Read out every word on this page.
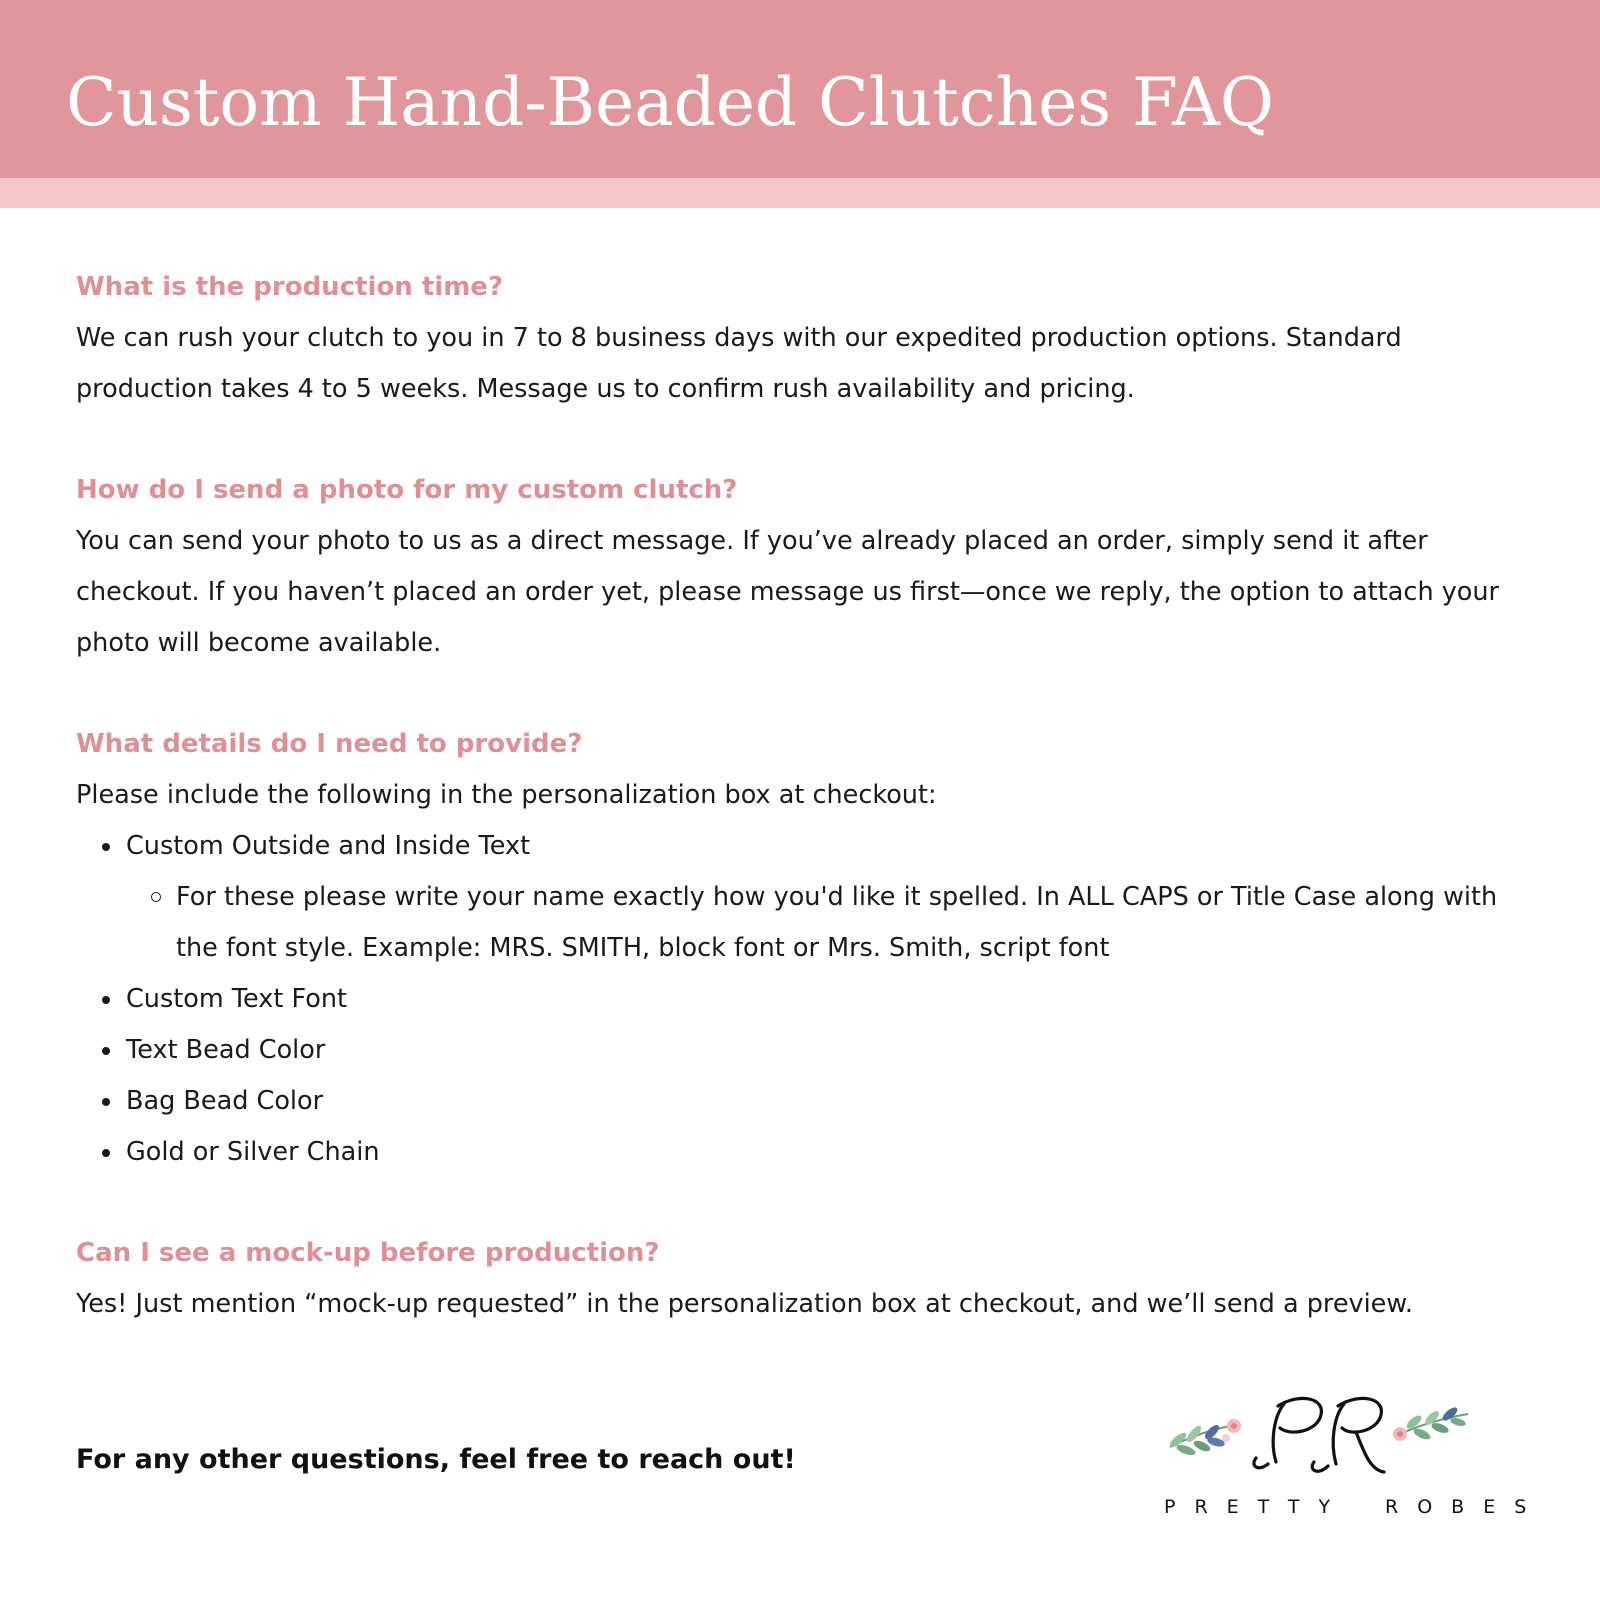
Custom Hand-Beaded Clutches FAQ
What is the production time?

We can rush your clutch to you in 7 to 8 business days with our expedited production options. Standard production takes 4 to 5 weeks. Message us to confirm rush availability and pricing.

How do I send a photo for my custom clutch?

You can send your photo to us as a direct message. If you’ve already placed an order, simply send it after checkout. If you haven’t placed an order yet, please message us first—once we reply, the option to attach your photo will become available.

What details do I need to provide?

Please include the following in the personalization box at checkout:

Custom Outside and Inside Text
For these please write your name exactly how you'd like it spelled. In ALL CAPS or Title Case along with the font style. Example: MRS. SMITH, block font or Mrs. Smith, script font
Custom Text Font
Text Bead Color
Bag Bead Color
Gold or Silver Chain
Can I see a mock-up before production?

Yes! Just mention “mock-up requested” in the personalization box at checkout, and we’ll send a preview.

For any other questions, feel free to reach out!

PRETTY ROBES
